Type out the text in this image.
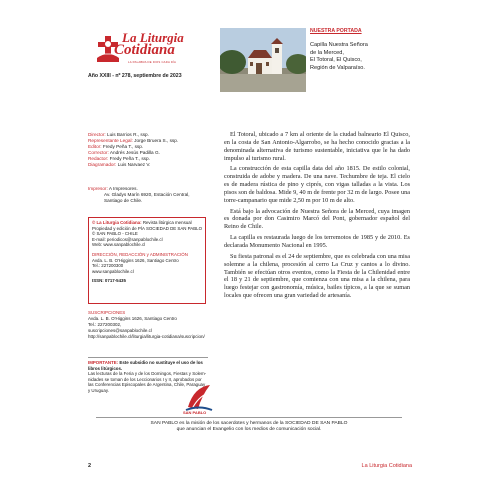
La Liturgia
Cotidiana
LA PALABRA DE DIOS CADA DÍA
Año XXIII - nº 278, septiembre de 2023
NUESTRA PORTADA
Capilla Nuestra Señora
de la Merced,
El Totoral, El Quisco,
Región de Valparaíso.
Director: Luis Barrios R., ssp.
Representante Legal: Jorge Bruera S., ssp.
Editor: Fredy Peña T., ssp.
Corrector: Andrés Jesús Padilla G.
Redactor: Fredy Peña T., ssp.
Diagramador: Luis Narvaez V.
Impresor: A Impresores.
Av. Gladys Marín 6920, Estación Central,
Santiago de Chile.
© La Liturgia Cotidiana: Revista litúrgica mensual
Propiedad y edición de PÍA SOCIEDAD DE SAN PABLO
© SAN PABLO - CHILE
E-mail: periodicos@sanpablochile.cl
Web: www.sanpablochile.cl
DIRECCIÓN, REDACCIÓN y ADMINISTRACIÓN
Avda. L. B. O'Higgins 1626, Santiago Centro
Tel.: 227200300
www.sanpablochile.cl
ISSN: 0717-5435
SUSCRIPCIONES
Avda. L. B. O'Higgins 1626, Santiago Centro
Tel.: 227200302,
suscripciones@sanpablochile.cl
http://sanpablochile.cl/liturgia/liturgia-cotidiana/suscripcion/
IMPORTANTE: Este subsidio no sustituye el uso de los
libros litúrgicos.
Las lecturas de la Feria y de los Domingos, Fiestas y Solem-
nidades se toman de los Leccionarios I y II, aprobados por
las Conferencias Episcopales de Argentina, Chile, Paraguay
y Uruguay.
SAN PABLO

El Totoral, ubicado a 7 km al oriente de la ciudad balneario El Quisco, en la costa de San Antonio-Algarrobo, se ha hecho conocido gracias a la denominada alternativa de turismo sustentable, iniciativa que le ha dado impulso al turismo rural.

La construcción de esta capilla data del año 1815. De estilo colonial, construida de adobe y madera. De una nave. Techumbre de teja. El cielo es de madera rústica de pino y ciprés, con vigas talladas a la vista. Los pisos son de baldosa. Mide 9, 40 m de frente por 32 m de largo. Posee una torre-campanario que mide 2,50 m por 10 m de alto.

Está bajo la advocación de Nuestra Señora de la Merced, cuya imagen es donada por don Casimiro Marcó del Pont, gobernador español del Reino de Chile.

La capilla es restaurada luego de los terremotos de 1985 y de 2010. Es declarada Monumento Nacional en 1995.

Su fiesta patronal es el 24 de septiembre, que es celebrada con una misa solemne a la chilena, procesión al cerro La Cruz y cantos a lo divino. También se efectúan otros eventos, como la Fiesta de la Chilenidad entre el 18 y 21 de septiembre, que comienza con una misa a la chilena, para luego festejar con gastronomía, música, bailes típicos, a la que se suman locales que ofrecen una gran variedad de artesanía.

SAN PABLO es la misión de los sacerdotes y hermanos de la SOCIEDAD DE SAN PABLO
que anuncian el Evangelio con los medios de comunicación social.
2	La Liturgia Cotidiana
